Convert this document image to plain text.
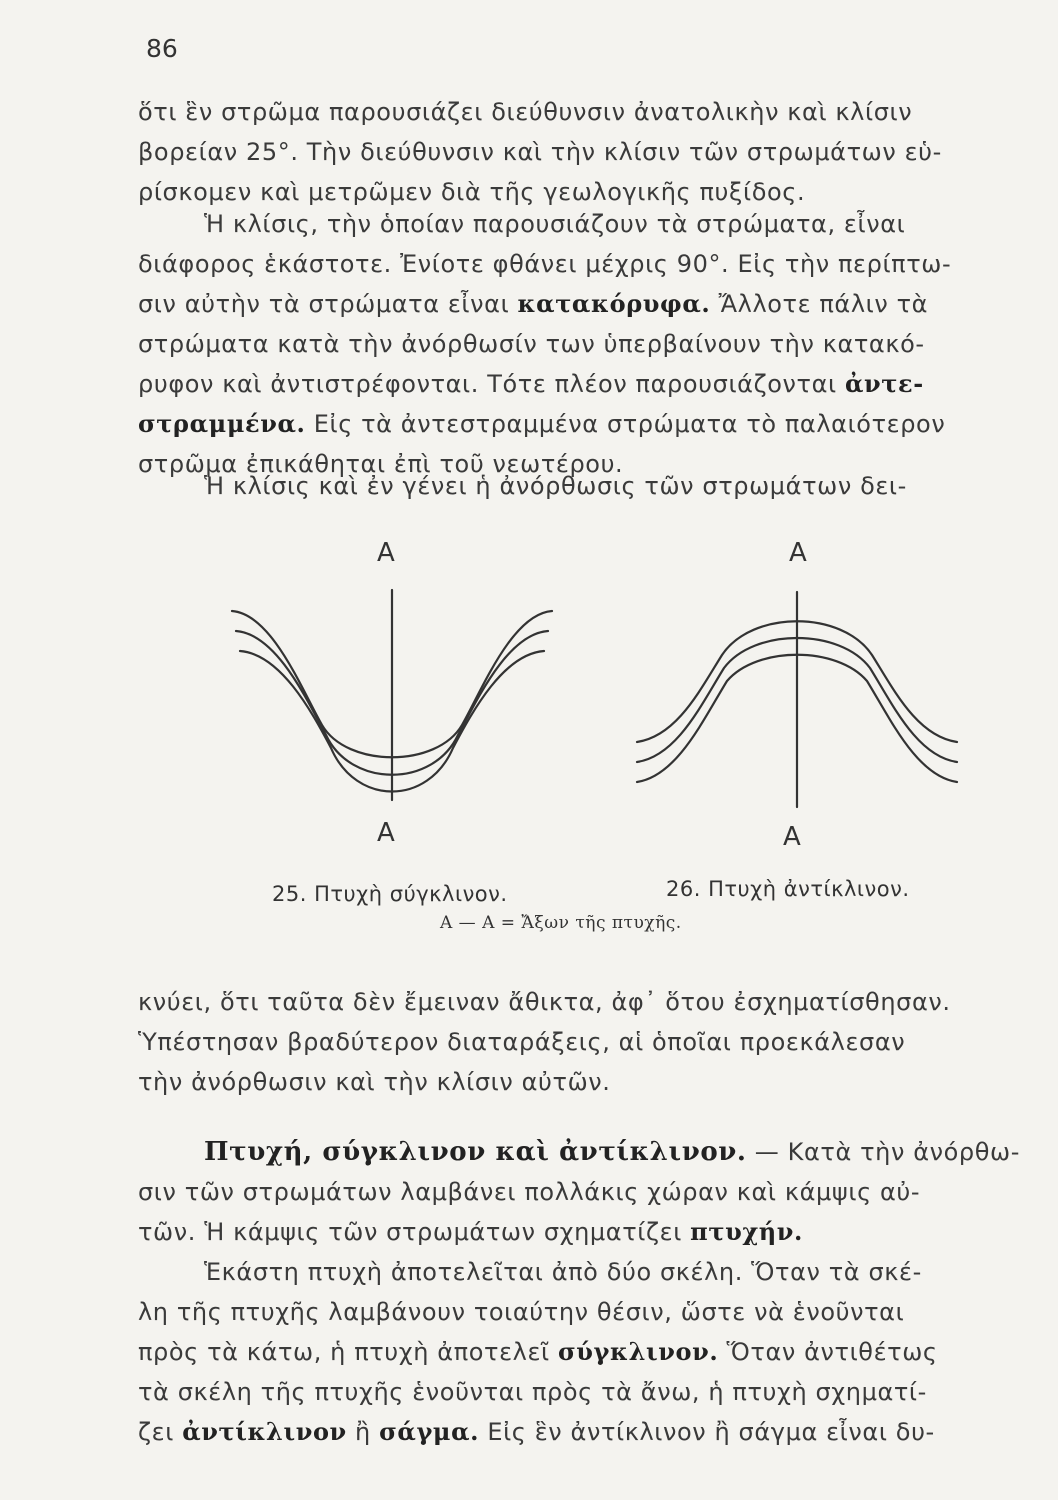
86
ὅτι ἓν στρῶμα παρουσιάζει διεύθυνσιν ἀνατολικὴν καὶ κλίσιν
βορείαν 25°. Τὴν διεύθυνσιν καὶ τὴν κλίσιν τῶν στρωμάτων εὑ-
ρίσκομεν καὶ μετρῶμεν διὰ τῆς γεωλογικῆς πυξίδος.
Ἡ κλίσις, τὴν ὁποίαν παρουσιάζουν τὰ στρώματα, εἶναι
διάφορος ἑκάστοτε. Ἐνίοτε φθάνει μέχρις 90°. Εἰς τὴν περίπτω-
σιν αὐτὴν τὰ στρώματα εἶναι κατακόρυφα. Ἄλλοτε πάλιν τὰ
στρώματα κατὰ τὴν ἀνόρθωσίν των ὑπερβαίνουν τὴν κατακό-
ρυφον καὶ ἀντιστρέφονται. Τότε πλέον παρουσιάζονται ἀντε-
στραμμένα. Εἰς τὰ ἀντεστραμμένα στρώματα τὸ παλαιότερον
στρῶμα ἐπικάθηται ἐπὶ τοῦ νεωτέρου.
Ἡ κλίσις καὶ ἐν γένει ἡ ἀνόρθωσις τῶν στρωμάτων δει-
A
A
A
A
25. Πτυχὴ σύγκλινον.	26. Πτυχὴ ἀντίκλινον.
A — A = Ἄξων τῆς πτυχῆς.
κνύει, ὅτι ταῦτα δὲν ἔμειναν ἄθικτα, ἀφ᾽ ὅτου ἐσχηματίσθησαν.
Ὑπέστησαν βραδύτερον διαταράξεις, αἱ ὁποῖαι προεκάλεσαν
τὴν ἀνόρθωσιν καὶ τὴν κλίσιν αὐτῶν.
Πτυχή, σύγκλινον καὶ ἀντίκλινον. — Κατὰ τὴν ἀνόρθω-
σιν τῶν στρωμάτων λαμβάνει πολλάκις χώραν καὶ κάμψις αὐ-
τῶν. Ἡ κάμψις τῶν στρωμάτων σχηματίζει πτυχήν.
Ἑκάστη πτυχὴ ἀποτελεῖται ἀπὸ δύο σκέλη. Ὅταν τὰ σκέ-
λη τῆς πτυχῆς λαμβάνουν τοιαύτην θέσιν, ὥστε νὰ ἑνοῦνται
πρὸς τὰ κάτω, ἡ πτυχὴ ἀποτελεῖ σύγκλινον. Ὅταν ἀντιθέτως
τὰ σκέλη τῆς πτυχῆς ἑνοῦνται πρὸς τὰ ἄνω, ἡ πτυχὴ σχηματί-
ζει ἀντίκλινον ἢ σάγμα. Εἰς ἓν ἀντίκλινον ἢ σάγμα εἶναι δυ-
